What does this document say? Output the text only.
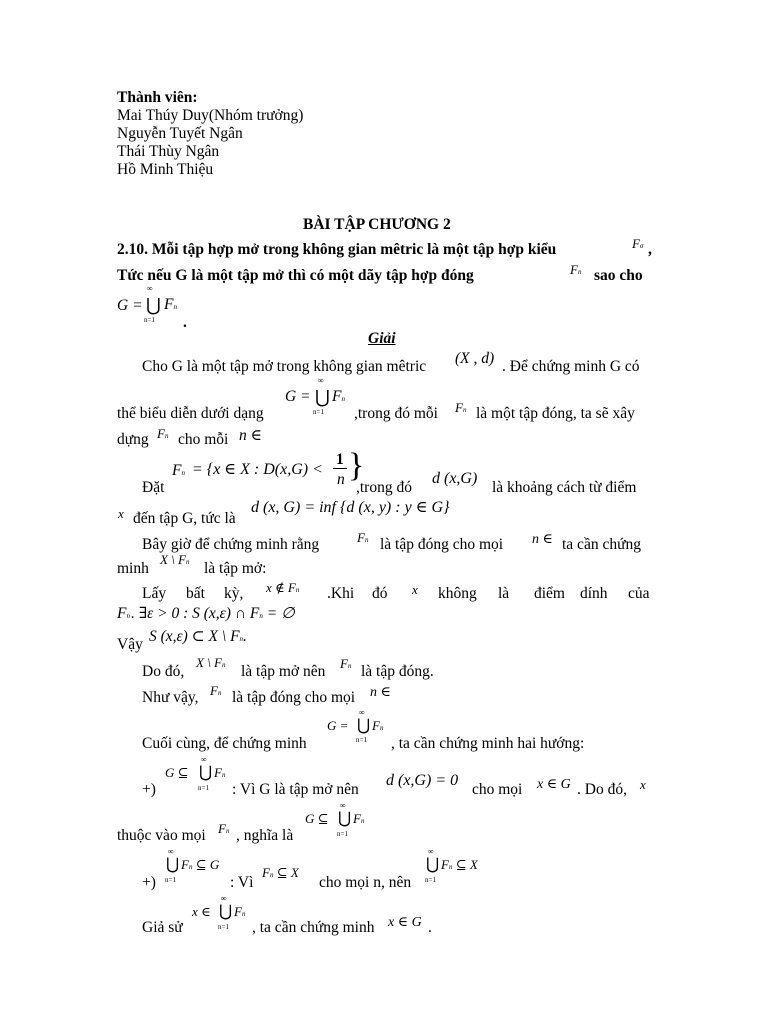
Thành viên:
Mai Thúy Duy(Nhóm trưởng)
Nguyễn Tuyết Ngân
Thái Thùy Ngân
Hồ Minh Thiệu
BÀI TẬP CHƯƠNG 2
2.10. Mỗi tập hợp mở trong không gian mêtric là một tập hợp kiểu	Fσ ,
Tức nếu G là một tập mở thì có một dãy tập hợp đóng	Fn sao cho
G =
∞
⋃ Fn
n=1 .
Giải
Cho G là một tập mở trong không gian mêtric (X , d) . Để chứng minh G có
G =
∞
⋃ Fn
n=1
thể biểu diễn dưới dạng	,trong đó mỗi Fn là một tập đóng, ta sẽ xây
dựng Fn cho mỗi n ∈
Fn = {x ∈ X : D(x,G) <
1
n }
Đặt	,trong đó
d (x,G)
là khoảng cách từ điểm
x đến tập G, tức là
d (x, G) = inf {d (x, y) : y ∈ G}
Bây giờ để chứng minh rằng	Fn là tập đóng cho mọi n ∈ ta cần chứng
minh
X \ Fn là tập mở:
x ∉ Fn
Lấy bất kỳ,	.Khi đó x không là điểm dính của
Fn . ∃ε > 0 : S (x,ε) ∩ Fn = ∅
Vậy S (x,ε) ⊂ X \ Fn.
Do đó,
X \ Fn là tập mở nên Fn là tập đóng.
Như vậy, Fn là tập đóng cho mọi n ∈
G =
∞
⋃ Fn
n=1
Cuối cùng, để chứng minh	, ta cần chứng minh hai hướng:
G ⊆
∞
⋃ Fn
n=1
+)	: Vì G là tập mở nên
d (x,G) = 0
cho mọi x ∈ G . Do đó, x
G ⊆
∞
⋃ Fn
n=1
thuộc vào mọi Fn , nghĩa là
∞
⋃ Fn ⊆ G
n=1
+)	: Vì
Fn ⊆ X
cho mọi n, nên
∞
⋃ Fn ⊆ X
n=1
x ∈
∞
⋃ Fn
n=1
Giả sử	, ta cần chứng minh x ∈ G .
